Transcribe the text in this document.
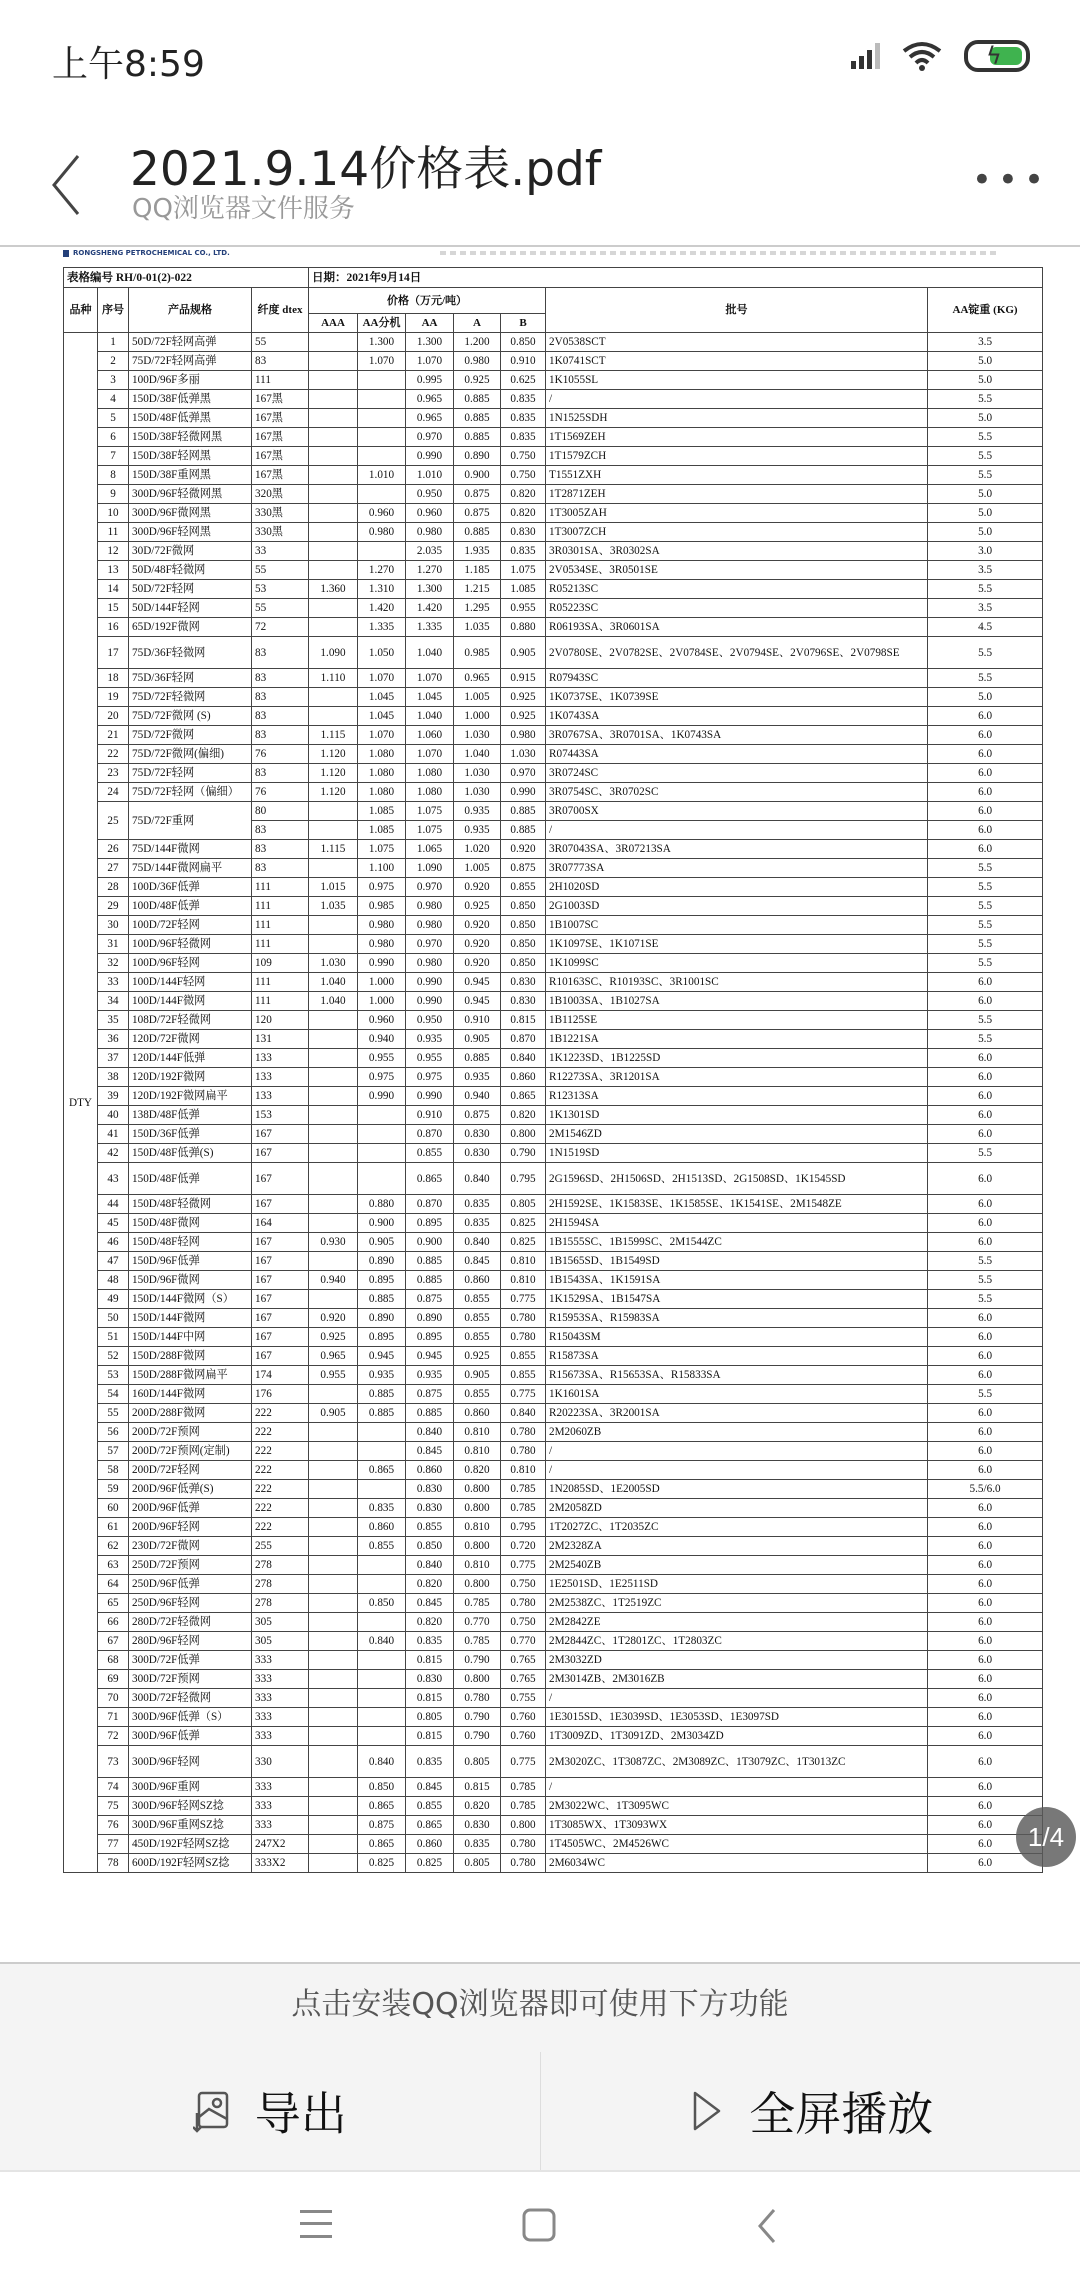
上午8:59	ϟ
2021.9.14价格表.pdf
QQ浏览器文件服务
•••
RONGSHENG PETROCHEMICAL CO., LTD.
表格编号 RH/0-01(2)-022				日期：2021年9月14日						
品种	序号	产品规格	纤度 dtex	价格（万元/吨）					批号	AA锭重 (KG)
				AAA	AA分机	AA	A	B		
DTY	1	50D/72F轻网高弹	55		1.300	1.300	1.200	0.850	2V0538SCT	3.5
	2	75D/72F轻网高弹	83		1.070	1.070	0.980	0.910	1K0741SCT	5.0
	3	100D/96F多丽	111			0.995	0.925	0.625	1K1055SL	5.0
	4	150D/38F低弹黑	167黑			0.965	0.885	0.835	/	5.5
	5	150D/48F低弹黑	167黑			0.965	0.885	0.835	1N1525SDH	5.0
	6	150D/38F轻微网黑	167黑			0.970	0.885	0.835	1T1569ZEH	5.5
	7	150D/38F轻网黑	167黑			0.990	0.890	0.750	1T1579ZCH	5.5
	8	150D/38F重网黑	167黑		1.010	1.010	0.900	0.750	T1551ZXH	5.5
	9	300D/96F轻微网黑	320黑			0.950	0.875	0.820	1T2871ZEH	5.0
	10	300D/96F微网黑	330黑		0.960	0.960	0.875	0.820	1T3005ZAH	5.0
	11	300D/96F轻网黑	330黑		0.980	0.980	0.885	0.830	1T3007ZCH	5.0
	12	30D/72F微网	33			2.035	1.935	0.835	3R0301SA、3R0302SA	3.0
	13	50D/48F轻微网	55		1.270	1.270	1.185	1.075	2V0534SE、3R0501SE	3.5
	14	50D/72F轻网	53	1.360	1.310	1.300	1.215	1.085	R05213SC	5.5
	15	50D/144F轻网	55		1.420	1.420	1.295	0.955	R05223SC	3.5
	16	65D/192F微网	72		1.335	1.335	1.035	0.880	R06193SA、3R0601SA	4.5
	17	75D/36F轻微网	83	1.090	1.050	1.040	0.985	0.905	2V0780SE、2V0782SE、2V0784SE、2V0794SE、2V0796SE、2V0798SE	5.5
	18	75D/36F轻网	83	1.110	1.070	1.070	0.965	0.915	R07943SC	5.5
	19	75D/72F轻微网	83		1.045	1.045	1.005	0.925	1K0737SE、1K0739SE	5.0
	20	75D/72F微网 (S)	83		1.045	1.040	1.000	0.925	1K0743SA	6.0
	21	75D/72F微网	83	1.115	1.070	1.060	1.030	0.980	3R0767SA、3R0701SA、1K0743SA	6.0
	22	75D/72F微网(偏细)	76	1.120	1.080	1.070	1.040	1.030	R07443SA	6.0
	23	75D/72F轻网	83	1.120	1.080	1.080	1.030	0.970	3R0724SC	6.0
	24	75D/72F轻网（偏细）	76	1.120	1.080	1.080	1.030	0.990	3R0754SC、3R0702SC	6.0
	25	75D/72F重网	80		1.085	1.075	0.935	0.885	3R0700SX	6.0
			83		1.085	1.075	0.935	0.885	/	6.0
	26	75D/144F微网	83	1.115	1.075	1.065	1.020	0.920	3R07043SA、3R07213SA	6.0
	27	75D/144F微网扁平	83		1.100	1.090	1.005	0.875	3R07773SA	5.5
	28	100D/36F低弹	111	1.015	0.975	0.970	0.920	0.855	2H1020SD	5.5
	29	100D/48F低弹	111	1.035	0.985	0.980	0.925	0.850	2G1003SD	5.5
	30	100D/72F轻网	111		0.980	0.980	0.920	0.850	1B1007SC	5.5
	31	100D/96F轻微网	111		0.980	0.970	0.920	0.850	1K1097SE、1K1071SE	5.5
	32	100D/96F轻网	109	1.030	0.990	0.980	0.920	0.850	1K1099SC	5.5
	33	100D/144F轻网	111	1.040	1.000	0.990	0.945	0.830	R10163SC、R10193SC、3R1001SC	6.0
	34	100D/144F微网	111	1.040	1.000	0.990	0.945	0.830	1B1003SA、1B1027SA	6.0
	35	108D/72F轻微网	120		0.960	0.950	0.910	0.815	1B1125SE	5.5
	36	120D/72F微网	131		0.940	0.935	0.905	0.870	1B1221SA	5.5
	37	120D/144F低弹	133		0.955	0.955	0.885	0.840	1K1223SD、1B1225SD	6.0
	38	120D/192F微网	133		0.975	0.975	0.935	0.860	R12273SA、3R1201SA	6.0
	39	120D/192F微网扁平	133		0.990	0.990	0.940	0.865	R12313SA	6.0
	40	138D/48F低弹	153			0.910	0.875	0.820	1K1301SD	6.0
	41	150D/36F低弹	167			0.870	0.830	0.800	2M1546ZD	6.0
	42	150D/48F低弹(S)	167			0.855	0.830	0.790	1N1519SD	5.5
	43	150D/48F低弹	167			0.865	0.840	0.795	2G1596SD、2H1506SD、2H1513SD、2G1508SD、1K1545SD	6.0
	44	150D/48F轻微网	167		0.880	0.870	0.835	0.805	2H1592SE、1K1583SE、1K1585SE、1K1541SE、2M1548ZE	6.0
	45	150D/48F微网	164		0.900	0.895	0.835	0.825	2H1594SA	6.0
	46	150D/48F轻网	167	0.930	0.905	0.900	0.840	0.825	1B1555SC、1B1599SC、2M1544ZC	6.0
	47	150D/96F低弹	167		0.890	0.885	0.845	0.810	1B1565SD、1B1549SD	5.5
	48	150D/96F微网	167	0.940	0.895	0.885	0.860	0.810	1B1543SA、1K1591SA	5.5
	49	150D/144F微网（S）	167		0.885	0.875	0.855	0.775	1K1529SA、1B1547SA	5.5
	50	150D/144F微网	167	0.920	0.890	0.890	0.855	0.780	R15953SA、R15983SA	6.0
	51	150D/144F中网	167	0.925	0.895	0.895	0.855	0.780	R15043SM	6.0
	52	150D/288F微网	167	0.965	0.945	0.945	0.925	0.855	R15873SA	6.0
	53	150D/288F微网扁平	174	0.955	0.935	0.935	0.905	0.855	R15673SA、R15653SA、R15833SA	6.0
	54	160D/144F微网	176		0.885	0.875	0.855	0.775	1K1601SA	5.5
	55	200D/288F微网	222	0.905	0.885	0.885	0.860	0.840	R20223SA、3R2001SA	6.0
	56	200D/72F预网	222			0.840	0.810	0.780	2M2060ZB	6.0
	57	200D/72F预网(定制)	222			0.845	0.810	0.780	/	6.0
	58	200D/72F轻网	222		0.865	0.860	0.820	0.810	/	6.0
	59	200D/96F低弹(S)	222			0.830	0.800	0.785	1N2085SD、1E2005SD	5.5/6.0
	60	200D/96F低弹	222		0.835	0.830	0.800	0.785	2M2058ZD	6.0
	61	200D/96F轻网	222		0.860	0.855	0.810	0.795	1T2027ZC、1T2035ZC	6.0
	62	230D/72F微网	255		0.855	0.850	0.800	0.720	2M2328ZA	6.0
	63	250D/72F预网	278			0.840	0.810	0.775	2M2540ZB	6.0
	64	250D/96F低弹	278			0.820	0.800	0.750	1E2501SD、1E2511SD	6.0
	65	250D/96F轻网	278		0.850	0.845	0.785	0.780	2M2538ZC、1T2519ZC	6.0
	66	280D/72F轻微网	305			0.820	0.770	0.750	2M2842ZE	6.0
	67	280D/96F轻网	305		0.840	0.835	0.785	0.770	2M2844ZC、1T2801ZC、1T2803ZC	6.0
	68	300D/72F低弹	333			0.815	0.790	0.765	2M3032ZD	6.0
	69	300D/72F预网	333			0.830	0.800	0.765	2M3014ZB、2M3016ZB	6.0
	70	300D/72F轻微网	333			0.815	0.780	0.755	/	6.0
	71	300D/96F低弹（S）	333			0.805	0.790	0.760	1E3015SD、1E3039SD、1E3053SD、1E3097SD	6.0
	72	300D/96F低弹	333			0.815	0.790	0.760	1T3009ZD、1T3091ZD、2M3034ZD	6.0
	73	300D/96F轻网	330		0.840	0.835	0.805	0.775	2M3020ZC、1T3087ZC、2M3089ZC、1T3079ZC、1T3013ZC	6.0
	74	300D/96F重网	333		0.850	0.845	0.815	0.785	/	6.0
	75	300D/96F轻网SZ捻	333		0.865	0.855	0.820	0.785	2M3022WC、1T3095WC	6.0
	76	300D/96F重网SZ捻	333		0.875	0.865	0.830	0.800	1T3085WX、1T3093WX	6.0
	77	450D/192F轻网SZ捻	247X2		0.865	0.860	0.835	0.780	1T4505WC、2M4526WC	6.0
	78	600D/192F轻网SZ捻	333X2		0.825	0.825	0.805	0.780	2M6034WC	6.0
1/4
点击安装QQ浏览器即可使用下方功能
导出	全屏播放
